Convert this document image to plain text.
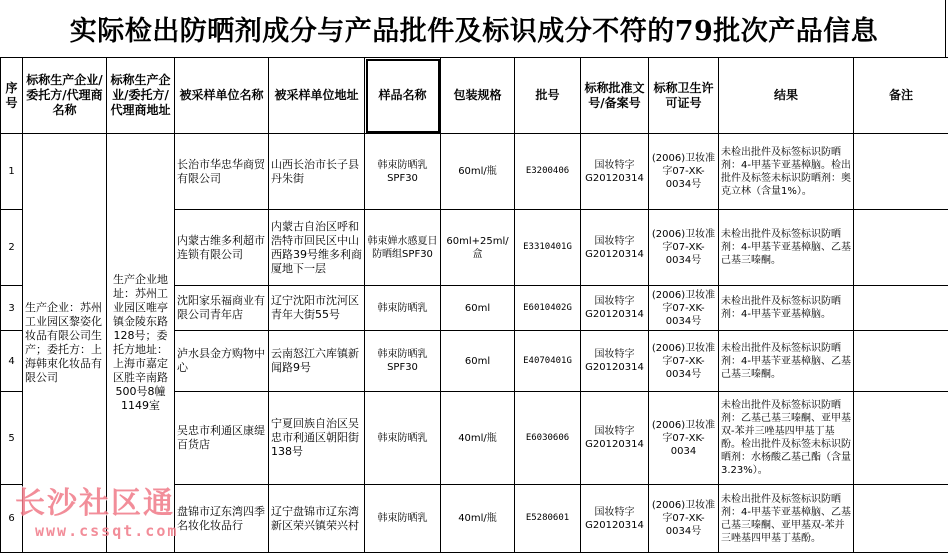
实际检出防晒剂成分与产品批件及标识成分不符的79批次产品信息
序号	标称生产企业/委托方/代理商名称	标称生产企业/委托方/代理商地址	被采样单位名称	被采样单位地址	样品名称	包装规格	批号	标称批准文号/备案号	标称卫生许可证号	结果	备注
1	生产企业：苏州工业园区黎姿化妆品有限公司生产；委托方：上海韩束化妆品有限公司	生产企业地址：苏州工业园区唯亭镇金陵东路128号；委托方地址：上海市嘉定区胜辛南路500号8幢1149室	长治市华忠华商贸有限公司	山西长治市长子县丹朱街	韩束防晒乳SPF30	60ml/瓶	E3200406	国妆特字G20120314	(2006)卫妆准字07-XK-0034号	未检出批件及标签标识防晒剂：4-甲基苄亚基樟脑。检出批件及标签未标识防晒剂：奥克立林（含量1%）。	
2			内蒙古维多利超市连锁有限公司	内蒙古自治区呼和浩特市回民区中山西路39号维多利商厦地下一层	韩束婵水感夏日防晒组SPF30	60ml+25ml/盒	E3310401G	国妆特字G20120314	(2006)卫妆准字07-XK-0034号	未检出批件及标签标识防晒剂：4-甲基苄亚基樟脑、乙基己基三嗪酮。	
3			沈阳家乐福商业有限公司青年店	辽宁沈阳市沈河区青年大街55号	韩束防晒乳	60ml	E6010402G	国妆特字G20120314	(2006)卫妆准字07-XK-0034号	未检出批件及标签标识防晒剂：4-甲基苄亚基樟脑。	
4			泸水县金方购物中心	云南怒江六库镇新闻路9号	韩束防晒乳SPF30	60ml	E4070401G	国妆特字G20120314	(2006)卫妆准字07-XK-0034号	未检出批件及标签标识防晒剂：4-甲基苄亚基樟脑、乙基己基三嗪酮。	
5			吴忠市利通区康缇百货店	宁夏回族自治区吴忠市利通区朝阳街138号	韩束防晒乳	40ml/瓶	E6030606	国妆特字G20120314	(2006)卫妆准字07-XK-0034	未检出批件及标签标识防晒剂：乙基己基三嗪酮、亚甲基双-苯并三唑基四甲基丁基酚。检出批件及标签未标识防晒剂：水杨酸乙基己酯（含量3.23%）。	
6			盘锦市辽东湾四季名妆化妆品行	辽宁盘锦市辽东湾新区荣兴镇荣兴村	韩束防晒乳	40ml/瓶	E5280601	国妆特字G20120314	(2006)卫妆准字07-XK-0034号	未检出批件及标签标识防晒剂：4-甲基苄亚基樟脑、乙基己基三嗪酮、亚甲基双-苯并三唑基四甲基丁基酚。	
长沙社区通
www.cssqt.com
